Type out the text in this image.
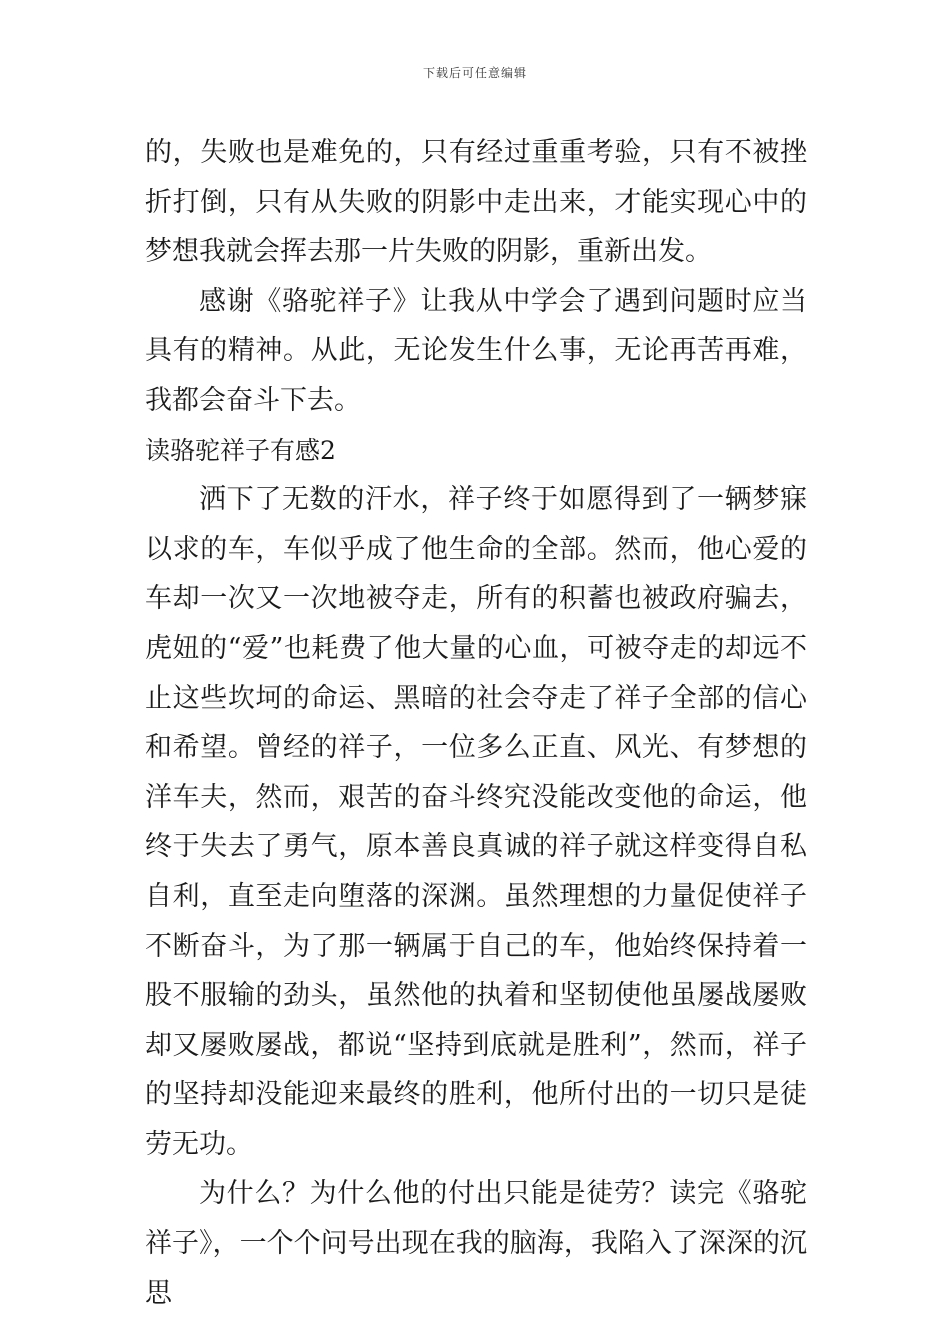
下载后可任意编辑

的，失败也是难免的，只有经过重重考验，只有不被挫折打倒，只有从失败的阴影中走出来，才能实现心中的梦想我就会挥去那一片失败的阴影，重新出发。

感谢《骆驼祥子》让我从中学会了遇到问题时应当具有的精神。从此，无论发生什么事，无论再苦再难，我都会奋斗下去。

读骆驼祥子有感2

洒下了无数的汗水，祥子终于如愿得到了一辆梦寐以求的车，车似乎成了他生命的全部。然而，他心爱的车却一次又一次地被夺走，所有的积蓄也被政府骗去，虎妞的“爱”也耗费了他大量的心血，可被夺走的却远不止这些坎坷的命运、黑暗的社会夺走了祥子全部的信心和希望。曾经的祥子，一位多么正直、风光、有梦想的洋车夫，然而，艰苦的奋斗终究没能改变他的命运，他终于失去了勇气，原本善良真诚的祥子就这样变得自私自利，直至走向堕落的深渊。虽然理想的力量促使祥子不断奋斗，为了那一辆属于自己的车，他始终保持着一股不服输的劲头，虽然他的执着和坚韧使他虽屡战屡败却又屡败屡战，都说“坚持到底就是胜利”，然而，祥子的坚持却没能迎来最终的胜利，他所付出的一切只是徒劳无功。

为什么？为什么他的付出只能是徒劳？读完《骆驼祥子》，一个个问号出现在我的脑海，我陷入了深深的沉思
